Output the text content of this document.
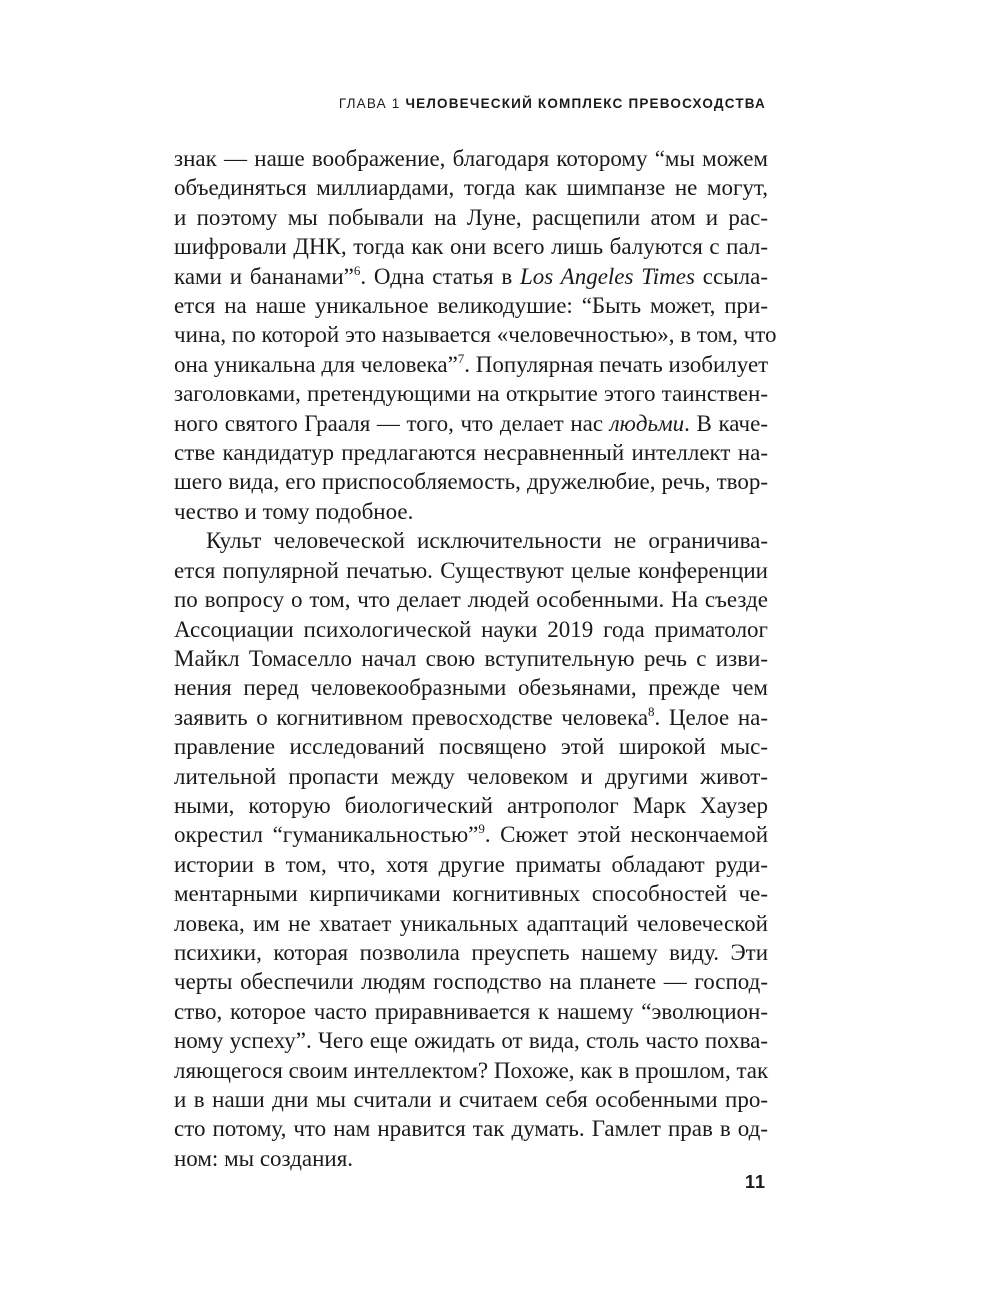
ГЛАВА 1 ЧЕЛОВЕЧЕСКИЙ КОМПЛЕКС ПРЕВОСХОДСТВА

знак — наше воображение, благодаря которому “мы можем
объединяться миллиардами, тогда как шимпанзе не могут,
и поэтому мы побывали на Луне, расщепили атом и рас-
шифровали ДНК, тогда как они всего лишь балуются с пал-
ками и бананами”$^6$. Одна статья в Los Angeles Times ссыла-
ется на наше уникальное великодушие: “Быть может, при-
чина, по которой это называется «человечностью», в том, что
она уникальна для человека”$^7$. Популярная печать изобилует
заголовками, претендующими на открытие этого таинствен-
ного святого Грааля — того, что делает нас людьми. В каче-
стве кандидатур предлагаются несравненный интеллект на-
шего вида, его приспособляемость, дружелюбие, речь, твор-
чество и тому подобное.

Культ человеческой исключительности не ограничива-
ется популярной печатью. Существуют целые конференции
по вопросу о том, что делает людей особенными. На съезде
Ассоциации психологической науки 2019 года приматолог
Майкл Томаселло начал свою вступительную речь с изви-
нения перед человекообразными обезьянами, прежде чем
заявить о когнитивном превосходстве человека$^8$. Целое на-
правление исследований посвящено этой широкой мыс-
лительной пропасти между человеком и другими живот-
ными, которую биологический антрополог Марк Хаузер
окрестил “гуманикальностью”$^9$. Сюжет этой нескончаемой
истории в том, что, хотя другие приматы обладают руди-
ментарными кирпичиками когнитивных способностей че-
ловека, им не хватает уникальных адаптаций человеческой
психики, которая позволила преуспеть нашему виду. Эти
черты обеспечили людям господство на планете — господ-
ство, которое часто приравнивается к нашему “эволюцион-
ному успеху”. Чего еще ожидать от вида, столь часто похва-
ляющегося своим интеллектом? Похоже, как в прошлом, так
и в наши дни мы считали и считаем себя особенными про-
сто потому, что нам нравится так думать. Гамлет прав в од-
ном: мы создания.

11
